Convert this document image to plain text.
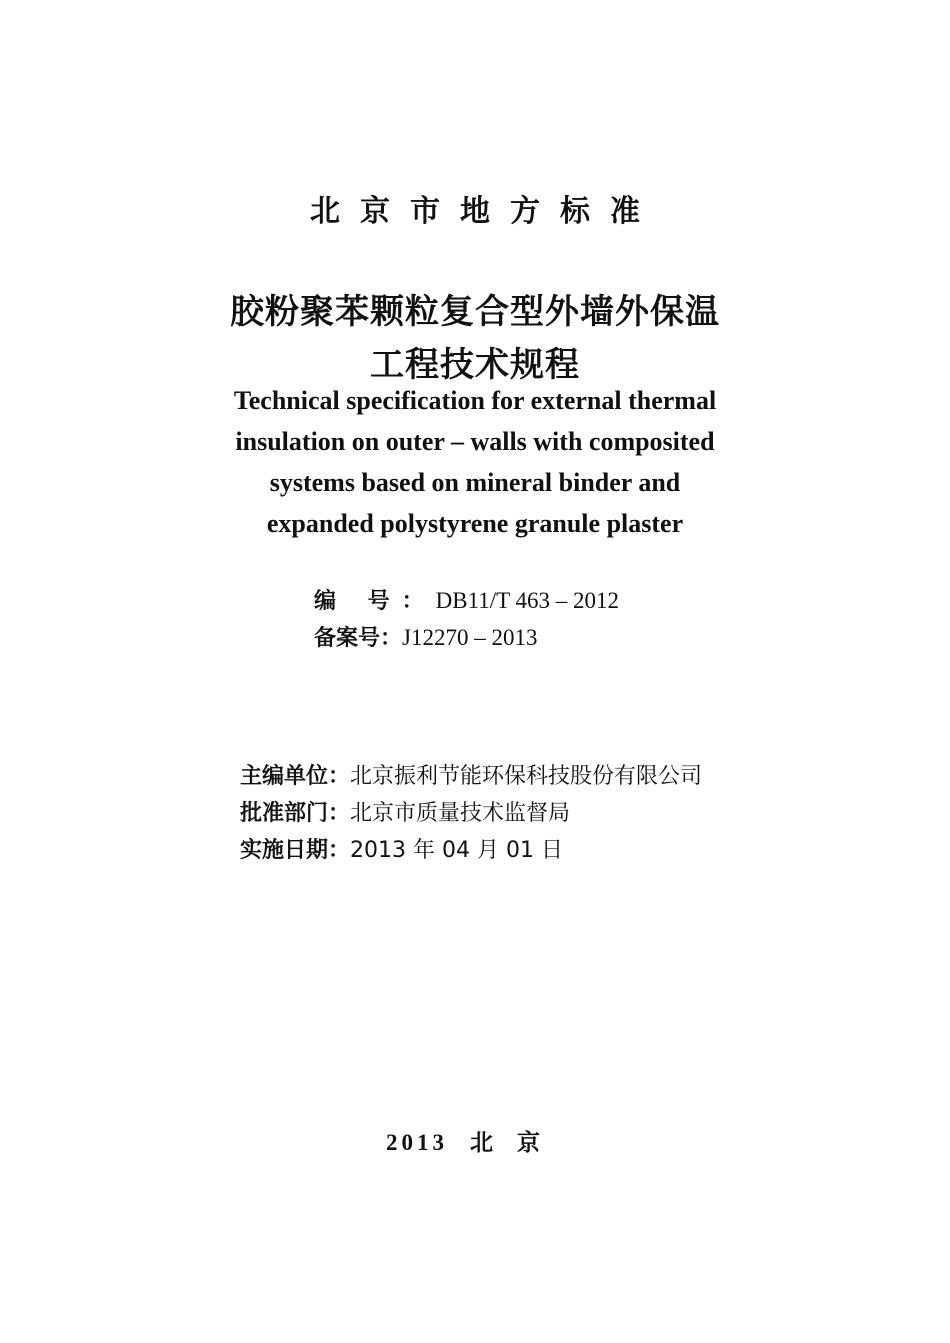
北京市地方标准
胶粉聚苯颗粒复合型外墙外保温
工程技术规程
Technical specification for external thermal
insulation on outer – walls with composited
systems based on mineral binder and
expanded polystyrene granule plaster
编 号：DB11/T 463 – 2012
备案号：J12270 – 2013
主编单位：北京振利节能环保科技股份有限公司
批准部门：北京市质量技术监督局
实施日期：2013 年 04 月 01 日
2013 北京
